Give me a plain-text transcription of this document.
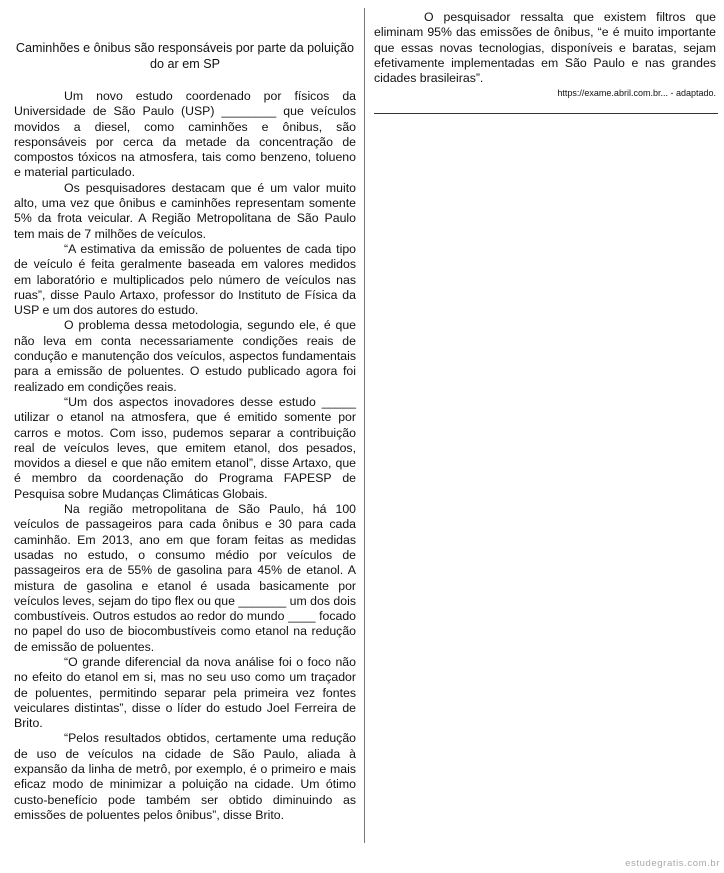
Caminhões e ônibus são responsáveis por parte da poluição do ar em SP

Um novo estudo coordenado por físicos da Universidade de São Paulo (USP) ________ que veículos movidos a diesel, como caminhões e ônibus, são responsáveis por cerca da metade da concentração de compostos tóxicos na atmosfera, tais como benzeno, tolueno e material particulado.

Os pesquisadores destacam que é um valor muito alto, uma vez que ônibus e caminhões representam somente 5% da frota veicular. A Região Metropolitana de São Paulo tem mais de 7 milhões de veículos.

“A estimativa da emissão de poluentes de cada tipo de veículo é feita geralmente baseada em valores medidos em laboratório e multiplicados pelo número de veículos nas ruas”, disse Paulo Artaxo, professor do Instituto de Física da USP e um dos autores do estudo.

O problema dessa metodologia, segundo ele, é que não leva em conta necessariamente condições reais de condução e manutenção dos veículos, aspectos fundamentais para a emissão de poluentes. O estudo publicado agora foi realizado em condições reais.

“Um dos aspectos inovadores desse estudo _____ utilizar o etanol na atmosfera, que é emitido somente por carros e motos. Com isso, pudemos separar a contribuição real de veículos leves, que emitem etanol, dos pesados, movidos a diesel e que não emitem etanol”, disse Artaxo, que é membro da coordenação do Programa FAPESP de Pesquisa sobre Mudanças Climáticas Globais.

Na região metropolitana de São Paulo, há 100 veículos de passageiros para cada ônibus e 30 para cada caminhão. Em 2013, ano em que foram feitas as medidas usadas no estudo, o consumo médio por veículos de passageiros era de 55% de gasolina para 45% de etanol. A mistura de gasolina e etanol é usada basicamente por veículos leves, sejam do tipo flex ou que _______ um dos dois combustíveis. Outros estudos ao redor do mundo ____ focado no papel do uso de biocombustíveis como etanol na redução de emissão de poluentes.

“O grande diferencial da nova análise foi o foco não no efeito do etanol em si, mas no seu uso como um traçador de poluentes, permitindo separar pela primeira vez fontes veiculares distintas”, disse o líder do estudo Joel Ferreira de Brito.

“Pelos resultados obtidos, certamente uma redução de uso de veículos na cidade de São Paulo, aliada à expansão da linha de metrô, por exemplo, é o primeiro e mais eficaz modo de minimizar a poluição na cidade. Um ótimo custo-benefício pode também ser obtido diminuindo as emissões de poluentes pelos ônibus”, disse Brito.

O pesquisador ressalta que existem filtros que eliminam 95% das emissões de ônibus, “e é muito importante que essas novas tecnologias, disponíveis e baratas, sejam efetivamente implementadas em São Paulo e nas grandes cidades brasileiras”.

https://exame.abril.com.br... - adaptado.
estudegratis.com.br
